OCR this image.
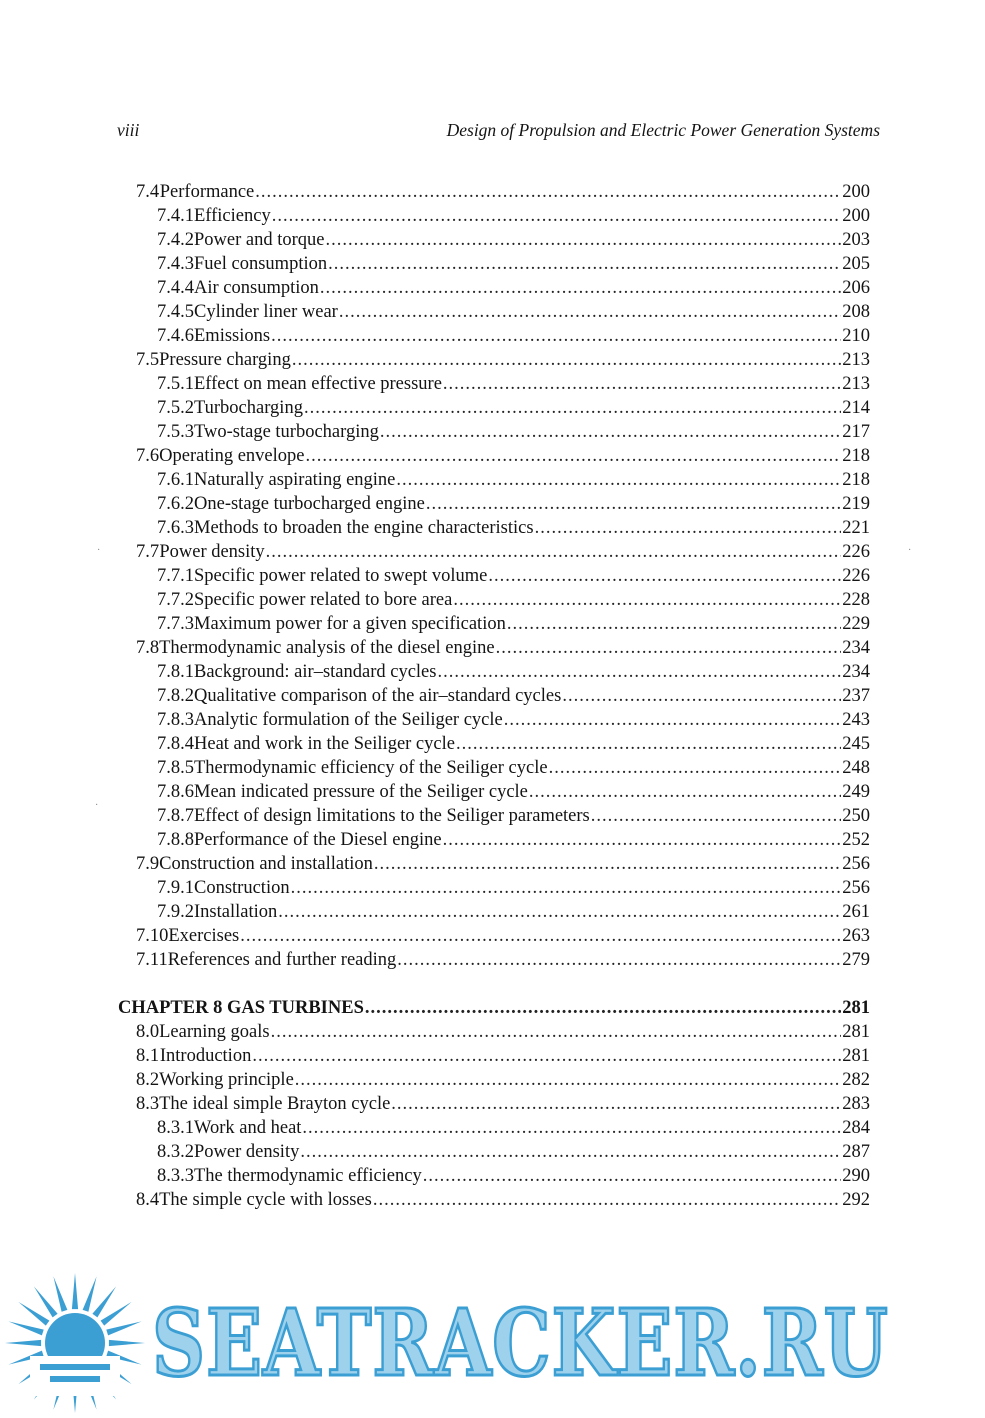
viii	Design of Propulsion and Electric Power Generation Systems
7.4 Performance .....	200
7.4.1 Efficiency .....	200
7.4.2 Power and torque .....	203
7.4.3 Fuel consumption .....	205
7.4.4 Air consumption .....	206
7.4.5 Cylinder liner wear .....	208
7.4.6 Emissions .....	210
7.5 Pressure charging .....	213
7.5.1 Effect on mean effective pressure .....	213
7.5.2 Turbocharging .....	214
7.5.3 Two-stage turbocharging .....	217
7.6 Operating envelope .....	218
7.6.1 Naturally aspirating engine .....	218
7.6.2 One-stage turbocharged engine .....	219
7.6.3 Methods to broaden the engine characteristics .....	221
7.7 Power density .....	226
7.7.1 Specific power related to swept volume .....	226
7.7.2 Specific power related to bore area .....	228
7.7.3 Maximum power for a given specification .....	229
7.8 Thermodynamic analysis of the diesel engine .....	234
7.8.1 Background: air–standard cycles .....	234
7.8.2 Qualitative comparison of the air–standard cycles .....	237
7.8.3 Analytic formulation of the Seiliger cycle .....	243
7.8.4 Heat and work in the Seiliger cycle .....	245
7.8.5 Thermodynamic efficiency of the Seiliger cycle .....	248
7.8.6 Mean indicated pressure of the Seiliger cycle .....	249
7.8.7 Effect of design limitations to the Seiliger parameters .....	250
7.8.8 Performance of the Diesel engine .....	252
7.9 Construction and installation .....	256
7.9.1 Construction .....	256
7.9.2 Installation .....	261
7.10 Exercises .....	263
7.11 References and further reading .....	279
CHAPTER 8 GAS TURBINES .....	281
8.0 Learning goals .....	281
8.1 Introduction .....	281
8.2 Working principle .....	282
8.3 The ideal simple Brayton cycle .....	283
8.3.1 Work and heat .....	284
8.3.2 Power density .....	287
8.3.3 The thermodynamic efficiency .....	290
8.4 The simple cycle with losses .....	292
·	·
·
SEATRACKER.RU
